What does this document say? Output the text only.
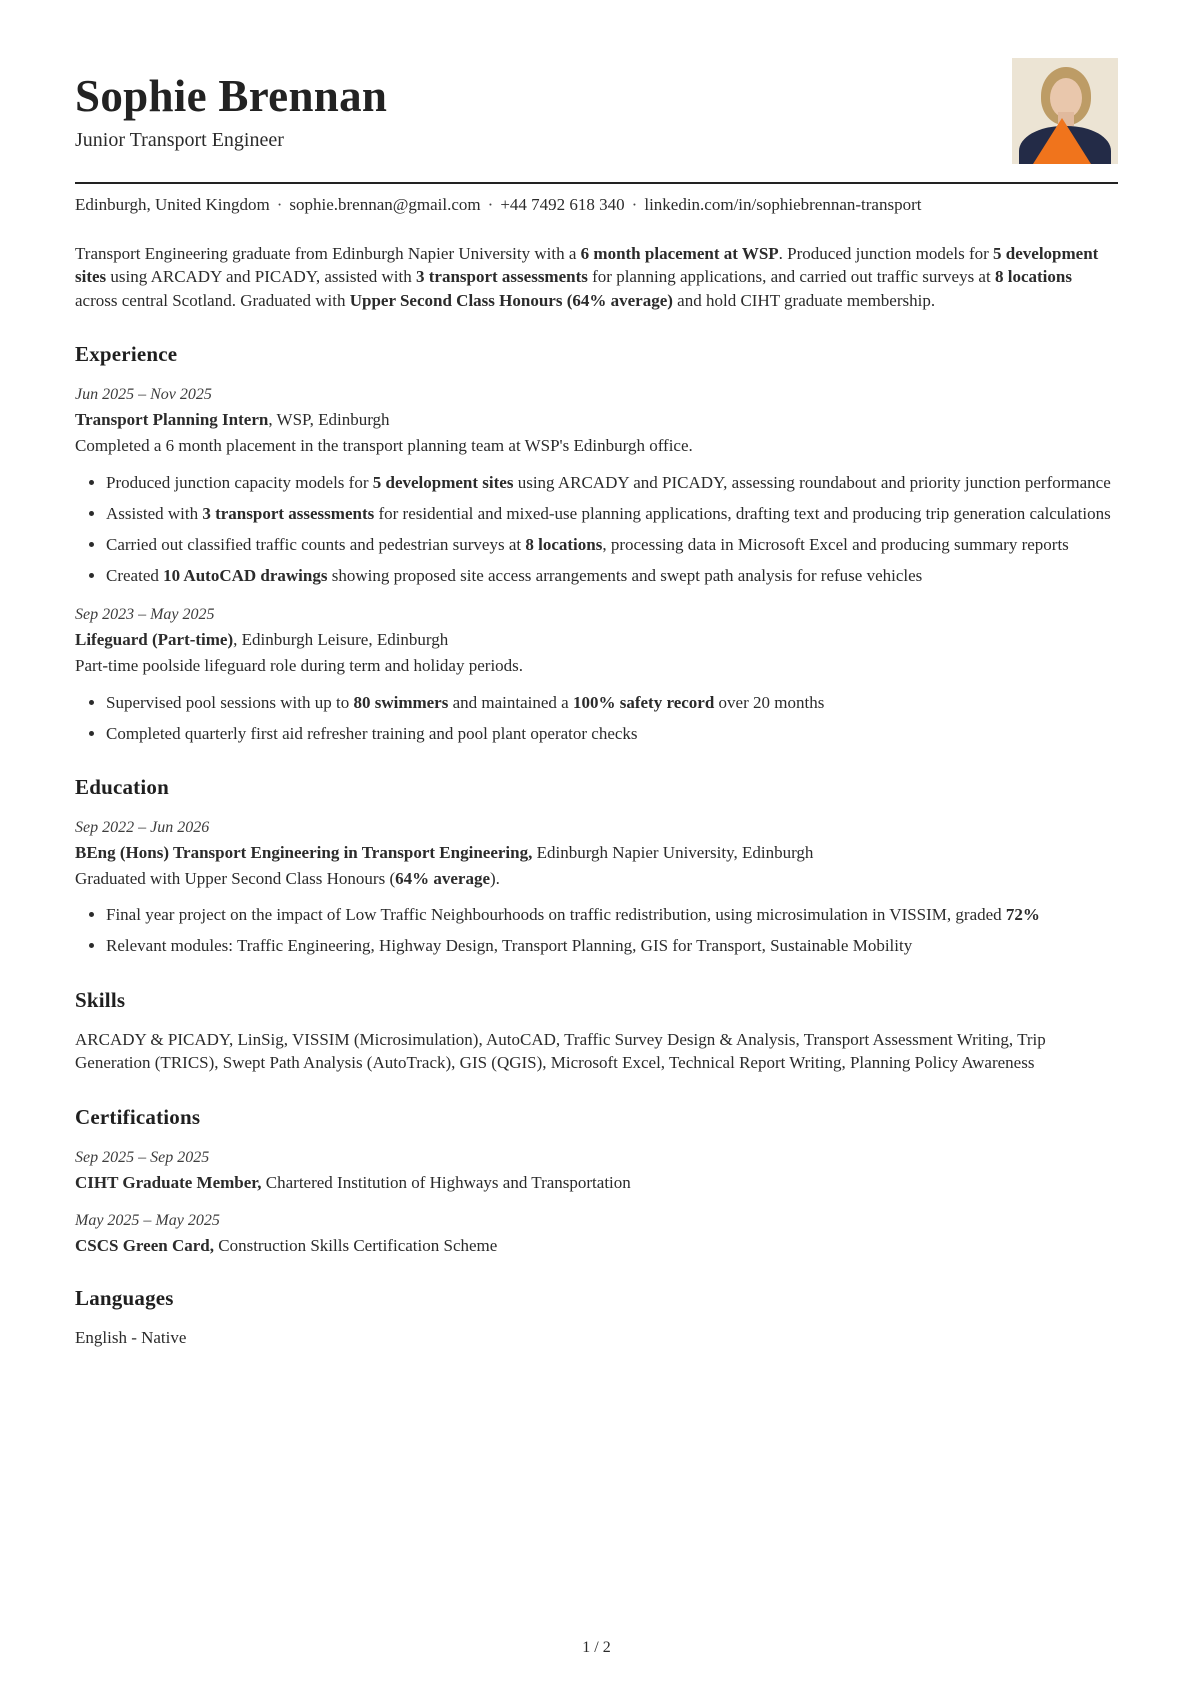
Sophie Brennan
Junior Transport Engineer
Edinburgh, United Kingdom · sophie.brennan@gmail.com · +44 7492 618 340 · linkedin.com/in/sophiebrennan-transport

Transport Engineering graduate from Edinburgh Napier University with a 6 month placement at WSP. Produced junction models for 5 development sites using ARCADY and PICADY, assisted with 3 transport assessments for planning applications, and carried out traffic surveys at 8 locations across central Scotland. Graduated with Upper Second Class Honours (64% average) and hold CIHT graduate membership.

Experience
Jun 2025 – Nov 2025
Transport Planning Intern, WSP, Edinburgh

Completed a 6 month placement in the transport planning team at WSP's Edinburgh office.

• Produced junction capacity models for 5 development sites using ARCADY and PICADY, assessing roundabout and priority junction performance
• Assisted with 3 transport assessments for residential and mixed-use planning applications, drafting text and producing trip generation calculations
• Carried out classified traffic counts and pedestrian surveys at 8 locations, processing data in Microsoft Excel and producing summary reports
• Created 10 AutoCAD drawings showing proposed site access arrangements and swept path analysis for refuse vehicles
Sep 2023 – May 2025
Lifeguard (Part-time), Edinburgh Leisure, Edinburgh

Part-time poolside lifeguard role during term and holiday periods.

• Supervised pool sessions with up to 80 swimmers and maintained a 100% safety record over 20 months
• Completed quarterly first aid refresher training and pool plant operator checks
Education
Sep 2022 – Jun 2026
BEng (Hons) Transport Engineering in Transport Engineering, Edinburgh Napier University, Edinburgh

Graduated with Upper Second Class Honours (64% average).

• Final year project on the impact of Low Traffic Neighbourhoods on traffic redistribution, using microsimulation in VISSIM, graded 72%
• Relevant modules: Traffic Engineering, Highway Design, Transport Planning, GIS for Transport, Sustainable Mobility
Skills

ARCADY & PICADY, LinSig, VISSIM (Microsimulation), AutoCAD, Traffic Survey Design & Analysis, Transport Assessment Writing, Trip Generation (TRICS), Swept Path Analysis (AutoTrack), GIS (QGIS), Microsoft Excel, Technical Report Writing, Planning Policy Awareness

Certifications
Sep 2025 – Sep 2025
CIHT Graduate Member, Chartered Institution of Highways and Transportation
May 2025 – May 2025
CSCS Green Card, Construction Skills Certification Scheme
Languages

English - Native

1 / 2
